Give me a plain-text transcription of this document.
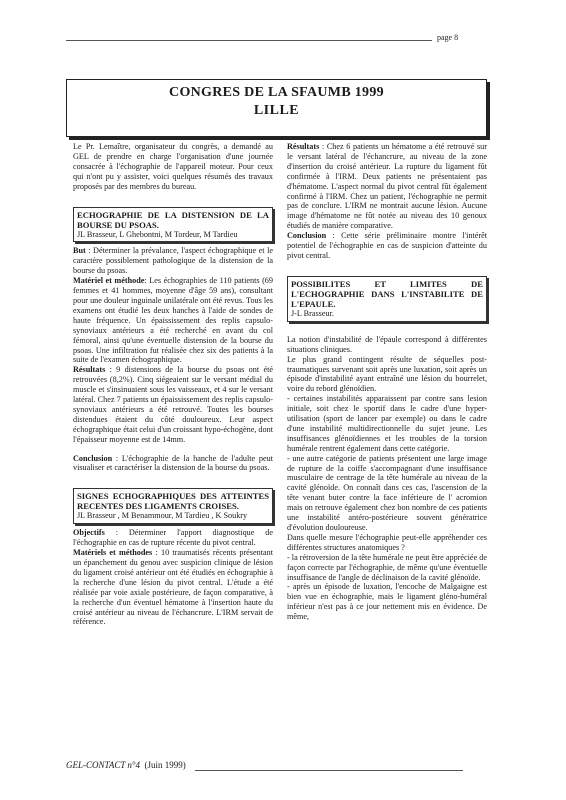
page 8
CONGRES DE LA SFAUMB 1999
LILLE

Le Pr. Lemaître, organisateur du congrès, a demandé au GEL de prendre en charge l'organisation d'une journée consacrée à l'échographie de l'appareil moteur. Pour ceux qui n'ont pu y assister, voici quelques résumés des travaux proposés par des membres du bureau.

ECHOGRAPHIE DE LA DISTENSION DE LA BOURSE DU PSOAS.
JL Brasseur, L Ghebontni, M Tordeur, M Tardieu

But : Déterminer la prévalance, l'aspect échographique et le caractère possiblement pathologique de la distension de la bourse du psoas.

Matériel et méthode: Les échographies de 110 patients (69 femmes et 41 hommes, moyenne d'âge 59 ans), consultant pour une douleur inguinale unilatérale ont été revus. Tous les examens ont étudié les deux hanches à l'aide de sondes de haute fréquence. Un épaississement des replis capsulo-synoviaux antérieurs a été recherché en avant du col fémoral, ainsi qu'une éventuelle distension de la bourse du psoas. Une infiltration fut réalisée chez six des patients à la suite de l'examen échographique.

Résultats : 9 distensions de la bourse du psoas ont été retrouvées (8,2%). Cinq siégeaient sur le versant médial du muscle et s'insinuaient sous les vaisseaux, et 4 sur le versant latéral. Chez 7 patients un épaississement des replis capsulo-synoviaux antérieurs a été retrouvé. Toutes les bourses distendues étaient du côté douloureux. Leur aspect échographique était celui d'un croissant hypo-échogène, dont l'épaisseur moyenne est de 14mm.

Conclusion : L'échographie de la hanche de l'adulte peut visualiser et caractériser la distension de la bourse du psoas.

SIGNES ECHOGRAPHIQUES DES ATTEINTES RECENTES DES LIGAMENTS CROISES.
JL Brasseur , M Benammour, M Tardieu , K Soukry

Objectifs : Déterminer l'apport diagnostique de l'échographie en cas de rupture récente du pivot central.

Matériels et méthodes : 10 traumatisés récents présentant un épanchement du genou avec suspicion clinique de lésion du ligament croisé antérieur ont été étudiés en échographie à la recherche d'une lésion du pivot central. L'étude a été réalisée par voie axiale postérieure, de façon comparative, à la recherche d'un éventuel hématome à l'insertion haute du croisé antérieur au niveau de l'échancrure. L'IRM servait de référence.

Résultats : Chez 6 patients un hématome a été retrouvé sur le versant latéral de l'échancrure, au niveau de la zone d'insertion du croisé antérieur. La rupture du ligament fût confirmée à l'IRM. Deux patients ne présentaient pas d'hématome. L'aspect normal du pivot central fût également confirmé à l'IRM. Chez un patient, l'échographie ne permit pas de conclure. L'IRM ne montrait aucune lésion. Aucune image d'hématome ne fût notée au niveau des 10 genoux étudiés de manière comparative.

Conclusion : Cette série préliminaire montre l'intérêt potentiel de l'échographie en cas de suspicion d'atteinte du pivot central.

POSSIBILITES ET LIMITES DE L'ECHOGRAPHIE DANS L'INSTABILITE DE L'EPAULE.
J-L Brasseur.

La notion d'instabilité de l'épaule correspond à différentes situations cliniques.

Le plus grand contingent résulte de séquelles post-traumatiques survenant soit après une luxation, soit après un épisode d'instabilité ayant entraîné une lésion du bourrelet, voire du rebord glénoïdien.

- certaines instabilités apparaissent par contre sans lesion initiale, soit chez le sportif dans le cadre d'une hyper-utilisation (sport de lancer par exemple) ou dans le cadre d'une instabilité multidirectionnelle du sujet jeune. Les insuffisances glénoïdiennes et les troubles de la torsion humérale rentrent également dans cette catégorie.

- une autre catégorie de patients présentent une large image de rupture de la coiffe s'accompagnant d'une insuffisance musculaire de centrage de la tête humérale au niveau de la cavité glénoïde. On connaît dans ces cas, l'ascension de la tête venant buter contre la face inférieure de l' acromion mais on retrouve également chez bon nombre de ces patients une instabilité antéro-postérieure souvent génératrice d'évolution douloureuse.

Dans quelle mesure l'échographie peut-elle appréhender ces différentes structures anatomiques ?

- la rétroversion de la tête humérale ne peut être appréciée de façon correcte par l'échographie, de même qu'une éventuelle insuffisance de l'angle de déclinaison de la cavité glénoïde.

- après un épisode de luxation, l'encoche de Malgaigne est bien vue en échographie, mais le ligament gléno-huméral inférieur n'est pas à ce jour nettement mis en évidence. De même,

GEL-CONTACT n°4 (Juin 1999)
